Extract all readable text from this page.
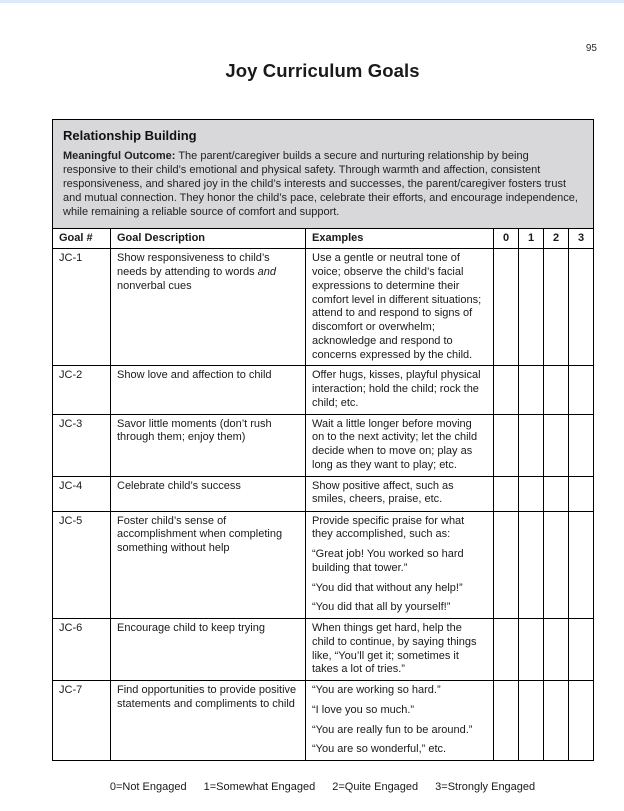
95
Joy Curriculum Goals
Relationship Building

Meaningful Outcome: The parent/caregiver builds a secure and nurturing relationship by being responsive to their child’s emotional and physical safety. Through warmth and affection, consistent responsiveness, and shared joy in the child’s interests and successes, the parent/caregiver fosters trust and mutual connection. They honor the child’s pace, celebrate their efforts, and encourage independence, while remaining a reliable source of comfort and support.						

Goal #	Goal Description	Examples	0	1	2	3
JC-1	Show responsiveness to child’s needs by attending to words and nonverbal cues	Use a gentle or neutral tone of voice; observe the child’s facial expressions to determine their comfort level in different situations; attend to and respond to signs of discomfort or overwhelm; acknowledge and respond to concerns expressed by the child.				

JC-2	Show love and affection to child	Offer hugs, kisses, playful physical interaction; hold the child; rock the child; etc.				

JC-3	Savor little moments (don’t rush through them; enjoy them)	Wait a little longer before moving on to the next activity; let the child decide when to move on; play as long as they want to play; etc.				

JC-4	Celebrate child’s success	Show positive affect, such as smiles, cheers, praise, etc.				

JC-5	Foster child’s sense of accomplishment when completing something without help	Provide specific praise for what they accomplished, such as:

“Great job! You worked so hard building that tower.”

“You did that without any help!”

“You did that all by yourself!”				

JC-6	Encourage child to keep trying	When things get hard, help the child to continue, by saying things like, “You’ll get it; sometimes it takes a lot of tries.”				

JC-7	Find opportunities to provide positive statements and compliments to child	“You are working so hard.”

“I love you so much.”

“You are really fun to be around.”

“You are so wonderful,” etc.				

0=Not Engaged 1=Somewhat Engaged 2=Quite Engaged 3=Strongly Engaged
